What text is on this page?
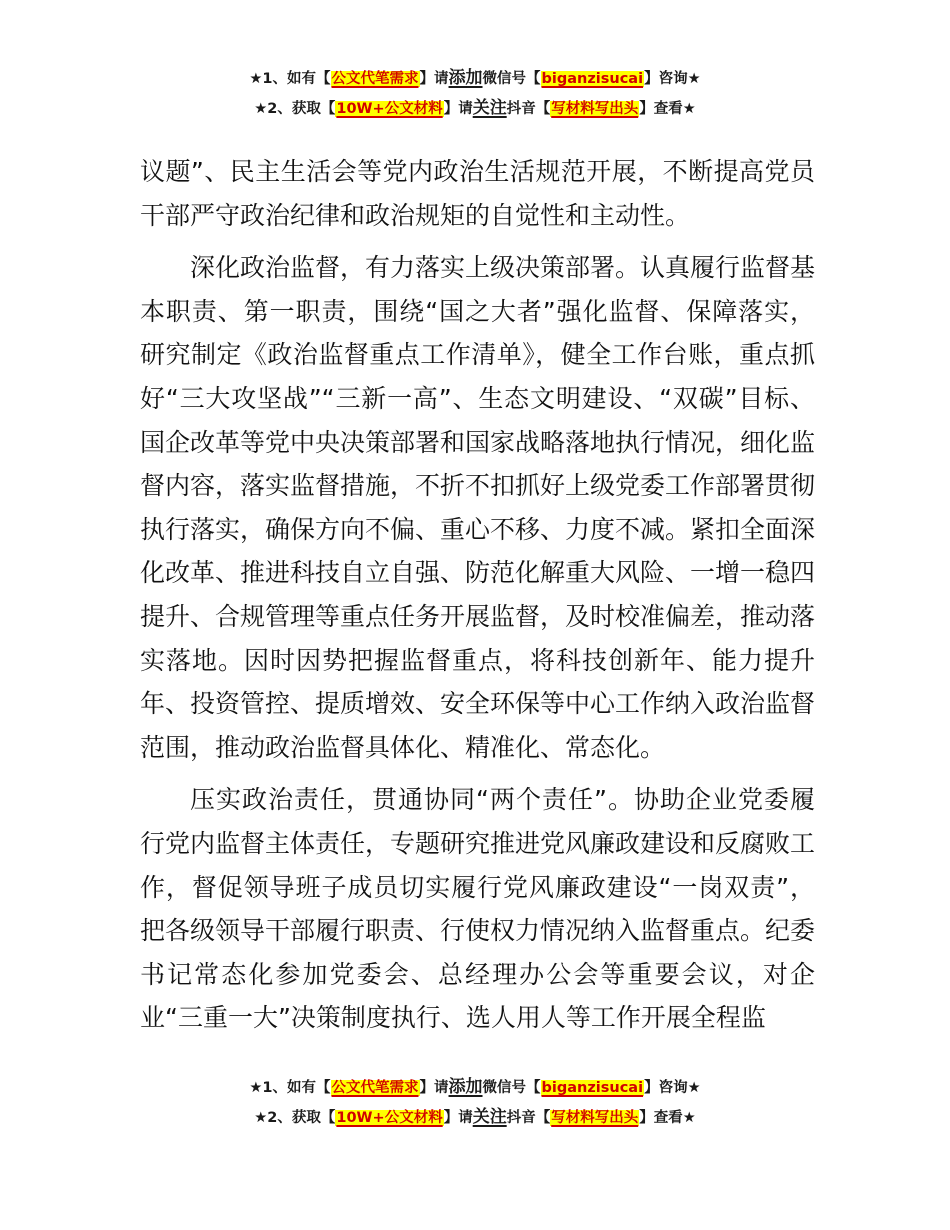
★1、如有【公文代笔需求】请添加微信号【biganzisucai】咨询★
★2、获取【10W+公文材料】请关注抖音【写材料写出头】查看★

议题”、民主生活会等党内政治生活规范开展，不断提高党员干部严守政治纪律和政治规矩的自觉性和主动性。

深化政治监督，有力落实上级决策部署。认真履行监督基本职责、第一职责，围绕“国之大者”强化监督、保障落实，研究制定《政治监督重点工作清单》，健全工作台账，重点抓好“三大攻坚战”“三新一高”、生态文明建设、“双碳”目标、国企改革等党中央决策部署和国家战略落地执行情况，细化监督内容，落实监督措施，不折不扣抓好上级党委工作部署贯彻执行落实，确保方向不偏、重心不移、力度不减。紧扣全面深化改革、推进科技自立自强、防范化解重大风险、一增一稳四提升、合规管理等重点任务开展监督，及时校准偏差，推动落实落地。因时因势把握监督重点，将科技创新年、能力提升年、投资管控、提质增效、安全环保等中心工作纳入政治监督范围，推动政治监督具体化、精准化、常态化。

压实政治责任，贯通协同“两个责任”。协助企业党委履行党内监督主体责任，专题研究推进党风廉政建设和反腐败工作，督促领导班子成员切实履行党风廉政建设“一岗双责”，把各级领导干部履行职责、行使权力情况纳入监督重点。纪委书记常态化参加党委会、总经理办公会等重要会议，对企业“三重一大”决策制度执行、选人用人等工作开展全程监

★1、如有【公文代笔需求】请添加微信号【biganzisucai】咨询★
★2、获取【10W+公文材料】请关注抖音【写材料写出头】查看★
